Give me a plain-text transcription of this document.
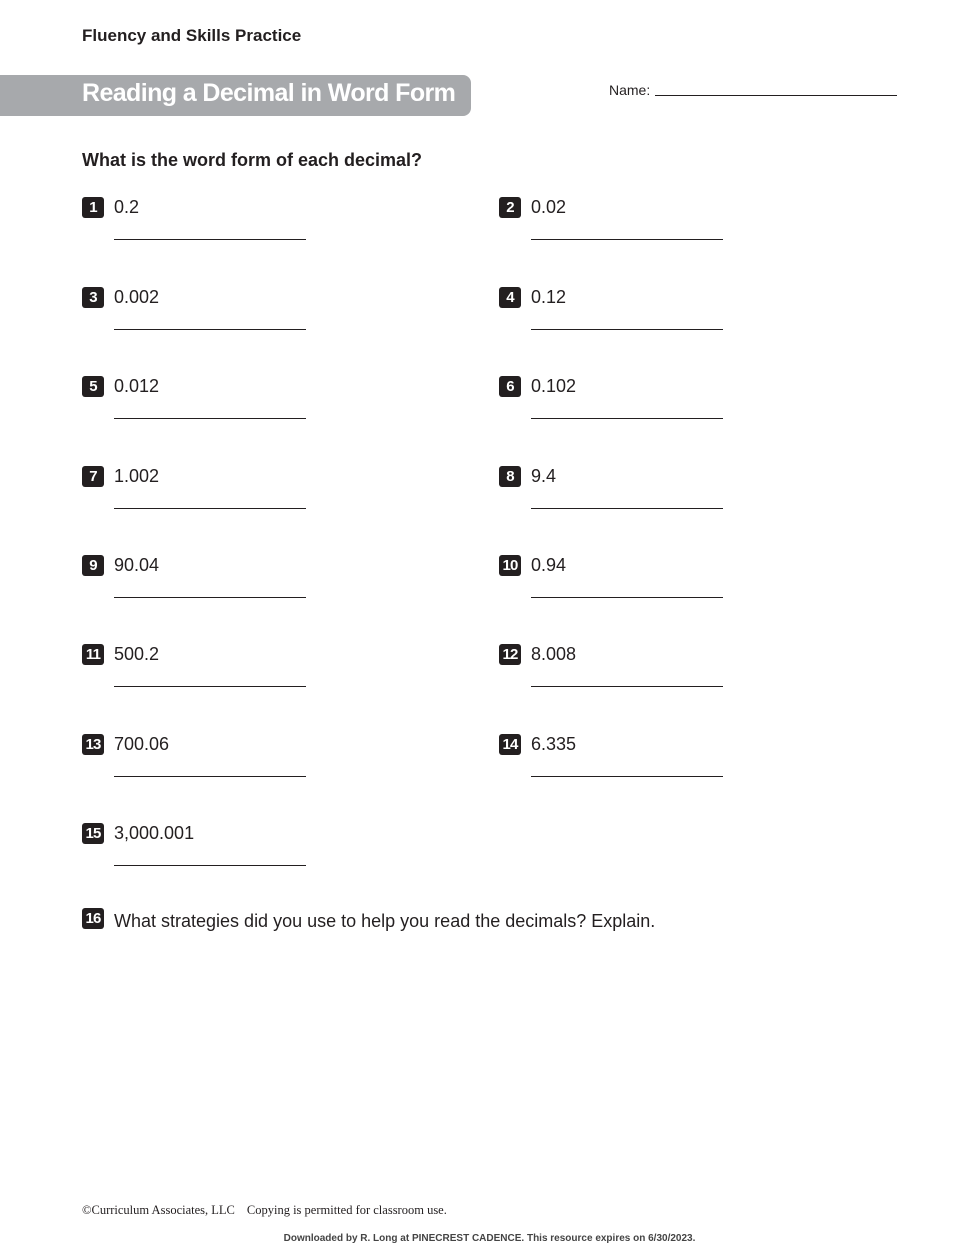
Fluency and Skills Practice
Reading a Decimal in Word Form	Name:
What is the word form of each decimal?
1 0.2	2 0.02
3 0.002	4 0.12
5 0.012	6 0.102
7 1.002	8 9.4
9 90.04	10 0.94
11 500.2	12 8.008
13 700.06	14 6.335
15 3,000.001
16 What strategies did you use to help you read the decimals? Explain.
©Curriculum Associates, LLC Copying is permitted for classroom use.
Downloaded by R. Long at PINECREST CADENCE. This resource expires on 6/30/2023.
